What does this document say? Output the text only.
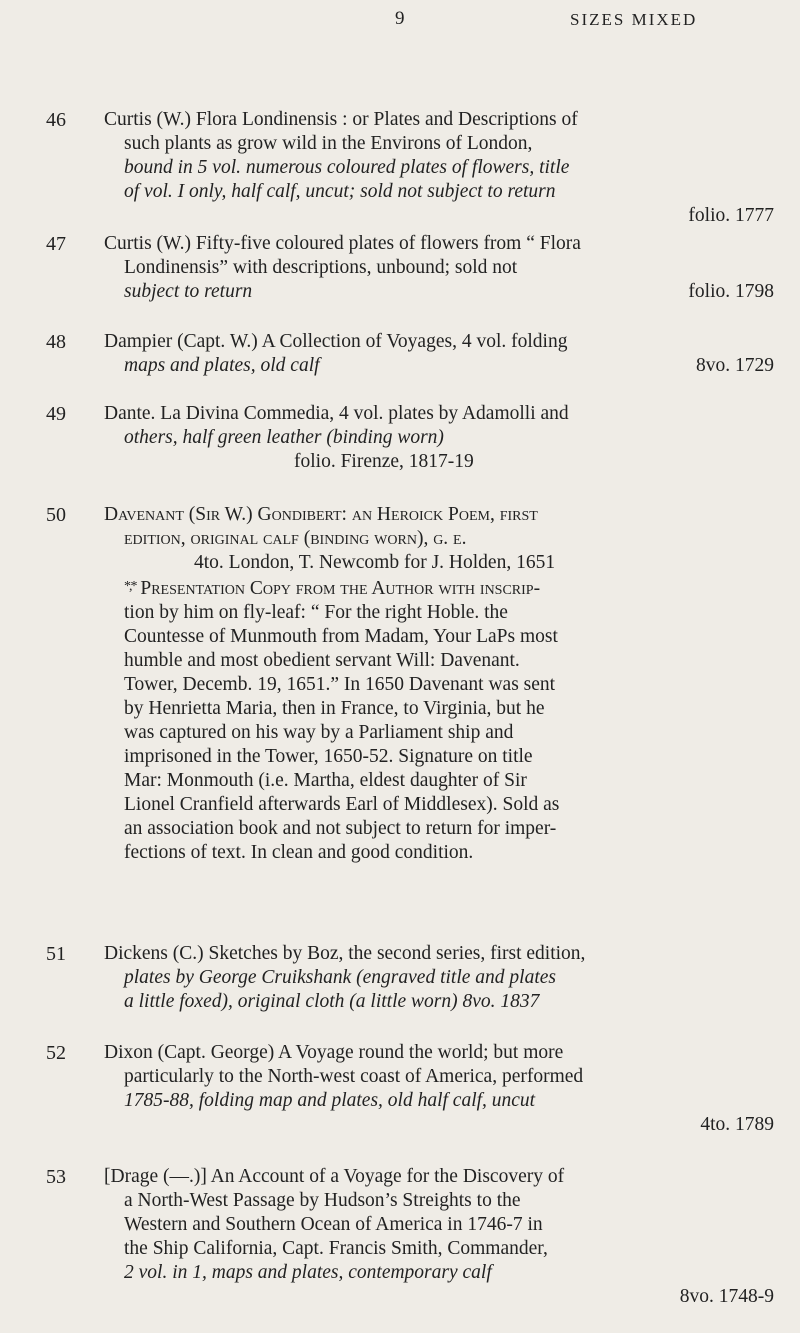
9	SIZES MIXED
46	Curtis (W.) Flora Londinensis : or Plates and Descriptions of

such plants as grow wild in the Environs of London,

bound in 5 vol. numerous coloured plates of flowers, title

of vol. I only, half calf, uncut; sold not subject to return

folio. 1777

47	Curtis (W.) Fifty-five coloured plates of flowers from “ Flora

Londinensis” with descriptions, unbound; sold not

subject to return	folio. 1798

48	Dampier (Capt. W.) A Collection of Voyages, 4 vol. folding

maps and plates, old calf	8vo. 1729

49	Dante. La Divina Commedia, 4 vol. plates by Adamolli and

others, half green leather (binding worn)

folio. Firenze, 1817-19

50	Davenant (Sir W.) Gondibert: an Heroick Poem, first

edition, original calf (binding worn), g. e.

4to. London, T. Newcomb for J. Holden, 1651

*,* Presentation Copy from the Author with inscrip-

tion by him on fly-leaf: “ For the right Hoble. the

Countesse of Munmouth from Madam, Your LaPs most

humble and most obedient servant Will: Davenant.

Tower, Decemb. 19, 1651.” In 1650 Davenant was sent

by Henrietta Maria, then in France, to Virginia, but he

was captured on his way by a Parliament ship and

imprisoned in the Tower, 1650-52. Signature on title

Mar: Monmouth (i.e. Martha, eldest daughter of Sir

Lionel Cranfield afterwards Earl of Middlesex). Sold as

an association book and not subject to return for imper-

fections of text. In clean and good condition.

51	Dickens (C.) Sketches by Boz, the second series, first edition,

plates by George Cruikshank (engraved title and plates

a little foxed), original cloth (a little worn) 8vo. 1837

52	Dixon (Capt. George) A Voyage round the world; but more

particularly to the North-west coast of America, performed

1785-88, folding map and plates, old half calf, uncut

4to. 1789

53	[Drage (—.)] An Account of a Voyage for the Discovery of

a North-West Passage by Hudson’s Streights to the

Western and Southern Ocean of America in 1746-7 in

the Ship California, Capt. Francis Smith, Commander,

2 vol. in 1, maps and plates, contemporary calf

8vo. 1748-9
